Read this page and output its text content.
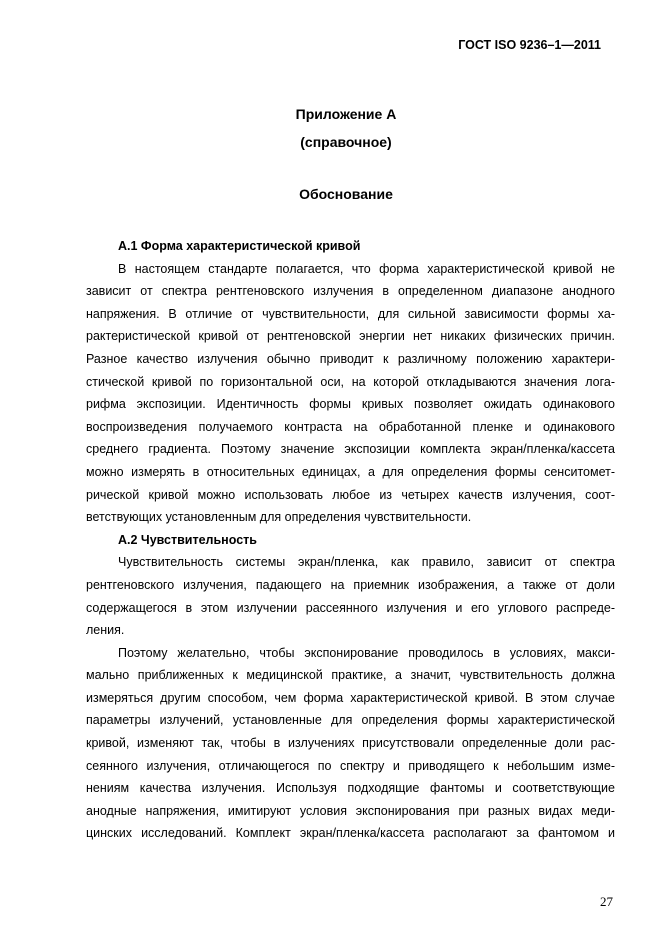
ГОСТ ISO 9236–1—2011
Приложение А
(справочное)
Обоснование
А.1 Форма характеристической кривой
В настоящем стандарте полагается, что форма характеристической кривой не
зависит от спектра рентгеновского излучения в определенном диапазоне анодного
напряжения. В отличие от чувствительности, для сильной зависимости формы ха-
рактеристической кривой от рентгеновской энергии нет никаких физических причин.
Разное качество излучения обычно приводит к различному положению характери-
стической кривой по горизонтальной оси, на которой откладываются значения лога-
рифма экспозиции. Идентичность формы кривых позволяет ожидать одинакового
воспроизведения получаемого контраста на обработанной пленке и одинакового
среднего градиента. Поэтому значение экспозиции комплекта экран/пленка/кассета
можно измерять в относительных единицах, а для определения формы сенситомет-
рической кривой можно использовать любое из четырех качеств излучения, соот-
ветствующих установленным для определения чувствительности.
А.2 Чувствительность
Чувствительность системы экран/пленка, как правило, зависит от спектра
рентгеновского излучения, падающего на приемник изображения, а также от доли
содержащегося в этом излучении рассеянного излучения и его углового распреде-
ления.
Поэтому желательно, чтобы экспонирование проводилось в условиях, макси-
мально приближенных к медицинской практике, а значит, чувствительность должна
измеряться другим способом, чем форма характеристической кривой. В этом случае
параметры излучений, установленные для определения формы характеристической
кривой, изменяют так, чтобы в излучениях присутствовали определенные доли рас-
сеянного излучения, отличающегося по спектру и приводящего к небольшим изме-
нениям качества излучения. Используя подходящие фантомы и соответствующие
анодные напряжения, имитируют условия экспонирования при разных видах меди-
цинских исследований. Комплект экран/пленка/кассета располагают за фантомом и
27
